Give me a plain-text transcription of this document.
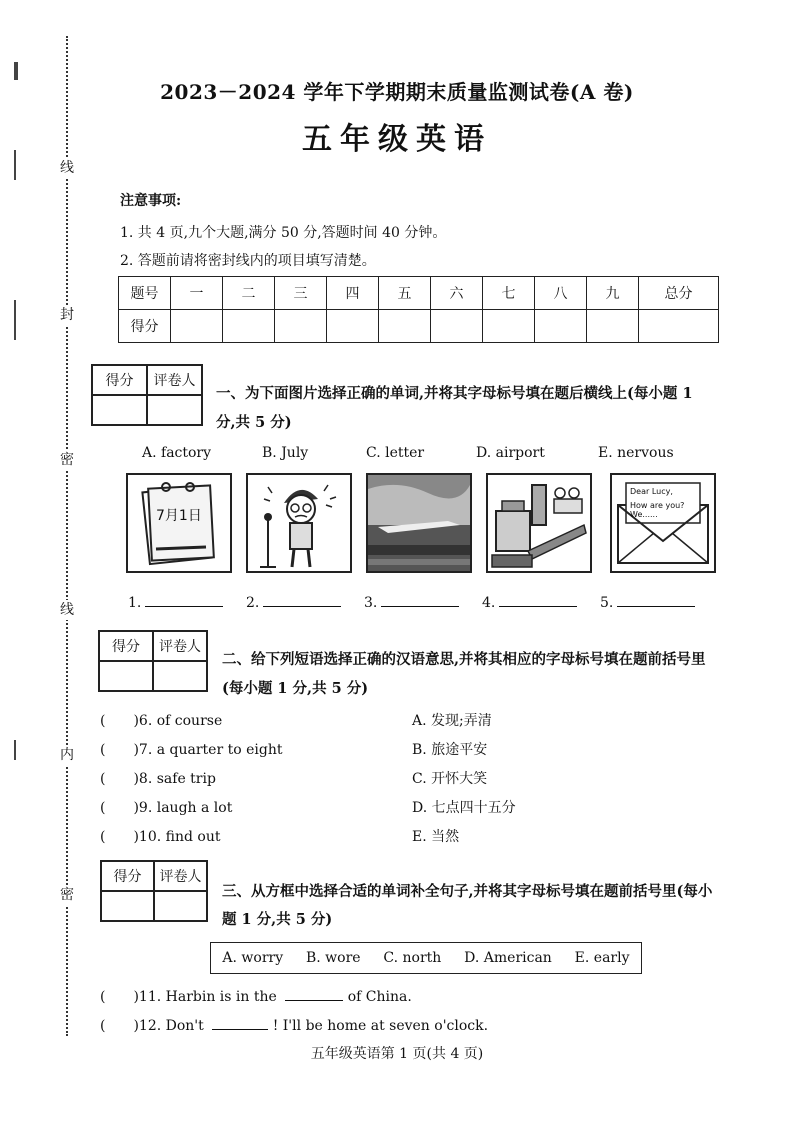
线
封
密
线
内
密
2023－2024 学年下学期期末质量监测试卷(A 卷)
五年级英语
注意事项:
1. 共 4 页,九个大题,满分 50 分,答题时间 40 分钟。
2. 答题前请将密封线内的项目填写清楚。
题号	一	二	三	四	五	六	七	八	九	总分
得分										
得分	评卷人
一、为下面图片选择正确的单词,并将其字母标号填在题后横线上(每小题 1
分,共 5 分)
A. factory	B. July	C. letter	D. airport	E. nervous
7月1日
Dear Lucy,
How are you? We......
1.	2.	3.	4.	5.
得分	评卷人
二、给下列短语选择正确的汉语意思,并将其相应的字母标号填在题前括号里
(每小题 1 分,共 5 分)
(　　)6. of course	A. 发现;弄清
(　　)7. a quarter to eight	B. 旅途平安
(　　)8. safe trip	C. 开怀大笑
(　　)9. laugh a lot	D. 七点四十五分
(　　)10. find out	E. 当然
得分	评卷人
三、从方框中选择合适的单词补全句子,并将其字母标号填在题前括号里(每小
题 1 分,共 5 分)
A. worry B. wore C. north D. American E. early
(　　)11. Harbin is in the	of China.
(　　)12. Don't	! I'll be home at seven o'clock.
五年级英语第 1 页(共 4 页)
